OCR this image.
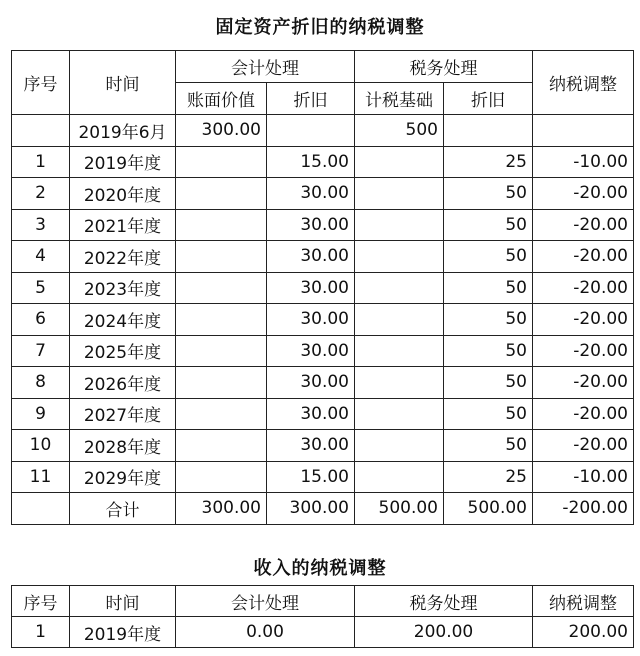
固定资产折旧的纳税调整
序号	时间	会计处理		税务处理		纳税调整
		账面价值	折旧	计税基础	折旧	
	2019年6月	300.00		500		
1	2019年度		15.00		25	-10.00
2	2020年度		30.00		50	-20.00
3	2021年度		30.00		50	-20.00
4	2022年度		30.00		50	-20.00
5	2023年度		30.00		50	-20.00
6	2024年度		30.00		50	-20.00
7	2025年度		30.00		50	-20.00
8	2026年度		30.00		50	-20.00
9	2027年度		30.00		50	-20.00
10	2028年度		30.00		50	-20.00
11	2029年度		15.00		25	-10.00
	合计	300.00	300.00	500.00	500.00	-200.00
收入的纳税调整
序号	时间	会计处理	税务处理	纳税调整
1	2019年度	0.00	200.00	200.00
